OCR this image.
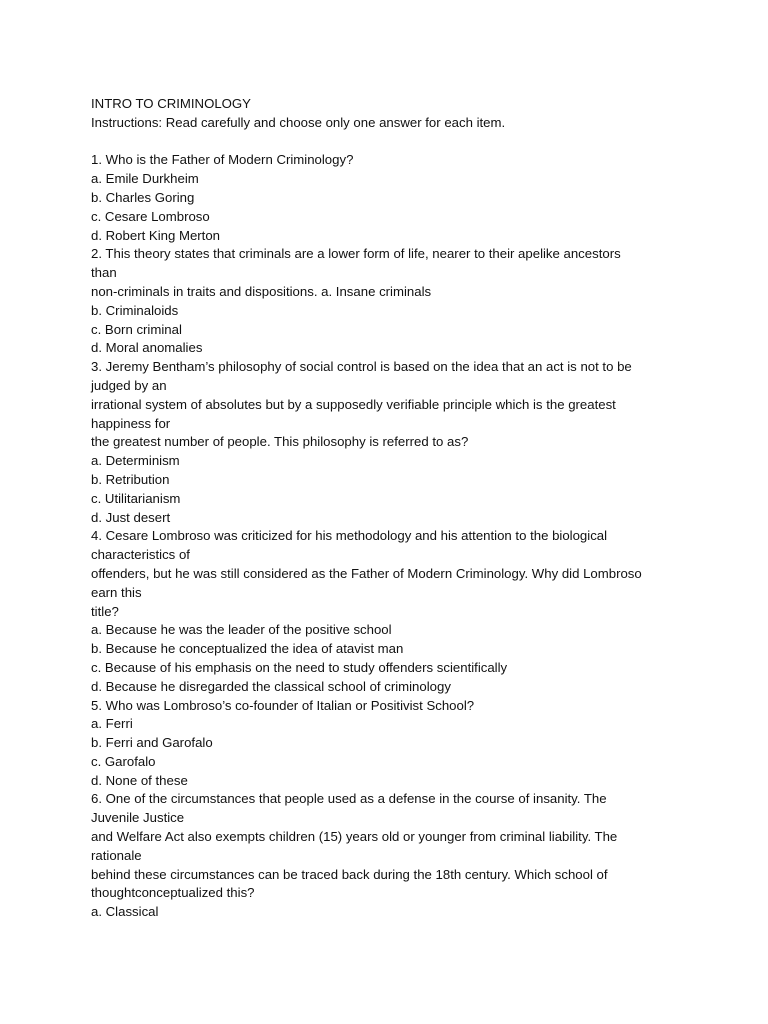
INTRO TO CRIMINOLOGY
Instructions: Read carefully and choose only one answer for each item.
1. Who is the Father of Modern Criminology?
a. Emile Durkheim
b. Charles Goring
c. Cesare Lombroso
d. Robert King Merton
2. This theory states that criminals are a lower form of life, nearer to their apelike ancestors
than
non-criminals in traits and dispositions. a. Insane criminals
b. Criminaloids
c. Born criminal
d. Moral anomalies
3. Jeremy Bentham’s philosophy of social control is based on the idea that an act is not to be
judged by an
irrational system of absolutes but by a supposedly verifiable principle which is the greatest
happiness for
the greatest number of people. This philosophy is referred to as?
a. Determinism
b. Retribution
c. Utilitarianism
d. Just desert
4. Cesare Lombroso was criticized for his methodology and his attention to the biological
characteristics of
offenders, but he was still considered as the Father of Modern Criminology. Why did Lombroso
earn this
title?
a. Because he was the leader of the positive school
b. Because he conceptualized the idea of atavist man
c. Because of his emphasis on the need to study offenders scientifically
d. Because he disregarded the classical school of criminology
5. Who was Lombroso’s co-founder of Italian or Positivist School?
a. Ferri
b. Ferri and Garofalo
c. Garofalo
d. None of these
6. One of the circumstances that people used as a defense in the course of insanity. The
Juvenile Justice
and Welfare Act also exempts children (15) years old or younger from criminal liability. The
rationale
behind these circumstances can be traced back during the 18th century. Which school of
thoughtconceptualized this?
a. Classical
